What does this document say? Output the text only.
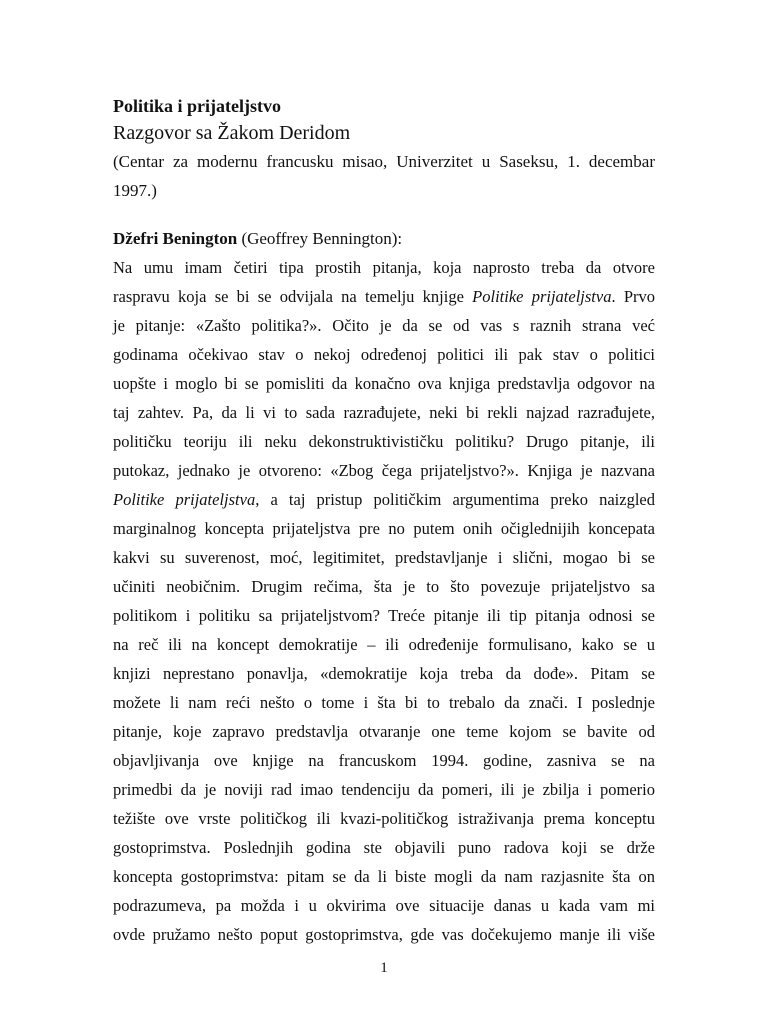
Politika i prijateljstvo

Razgovor sa Žakom Deridom

(Centar za modernu francusku misao, Univerzitet u Saseksu, 1. decembar
1997.)

Džefri Benington (Geoffrey Bennington):

Na umu imam četiri tipa prostih pitanja, koja naprosto treba da otvore
raspravu koja se bi se odvijala na temelju knjige Politike prijateljstva. Prvo
je pitanje: «Zašto politika?». Očito je da se od vas s raznih strana već
godinama očekivao stav o nekoj određenoj politici ili pak stav o politici
uopšte i moglo bi se pomisliti da konačno ova knjiga predstavlja odgovor na
taj zahtev. Pa, da li vi to sada razrađujete, neki bi rekli najzad razrađujete,
političku teoriju ili neku dekonstruktivističku politiku? Drugo pitanje, ili
putokaz, jednako je otvoreno: «Zbog čega prijateljstvo?». Knjiga je nazvana
Politike prijateljstva, a taj pristup političkim argumentima preko naizgled
marginalnog koncepta prijateljstva pre no putem onih očiglednijih koncepata
kakvi su suverenost, moć, legitimitet, predstavljanje i slični, mogao bi se
učiniti neobičnim. Drugim rečima, šta je to što povezuje prijateljstvo sa
politikom i politiku sa prijateljstvom? Treće pitanje ili tip pitanja odnosi se
na reč ili na koncept demokratije – ili određenije formulisano, kako se u
knjizi neprestano ponavlja, «demokratije koja treba da dođe». Pitam se
možete li nam reći nešto o tome i šta bi to trebalo da znači. I poslednje
pitanje, koje zapravo predstavlja otvaranje one teme kojom se bavite od
objavljivanja ove knjige na francuskom 1994. godine, zasniva se na
primedbi da je noviji rad imao tendenciju da pomeri, ili je zbilja i pomerio
težište ove vrste političkog ili kvazi-političkog istraživanja prema konceptu
gostoprimstva. Poslednjih godina ste objavili puno radova koji se drže
koncepta gostoprimstva: pitam se da li biste mogli da nam razjasnite šta on
podrazumeva, pa možda i u okvirima ove situacije danas u kada vam mi
ovde pružamo nešto poput gostoprimstva, gde vas dočekujemo manje ili više

1
